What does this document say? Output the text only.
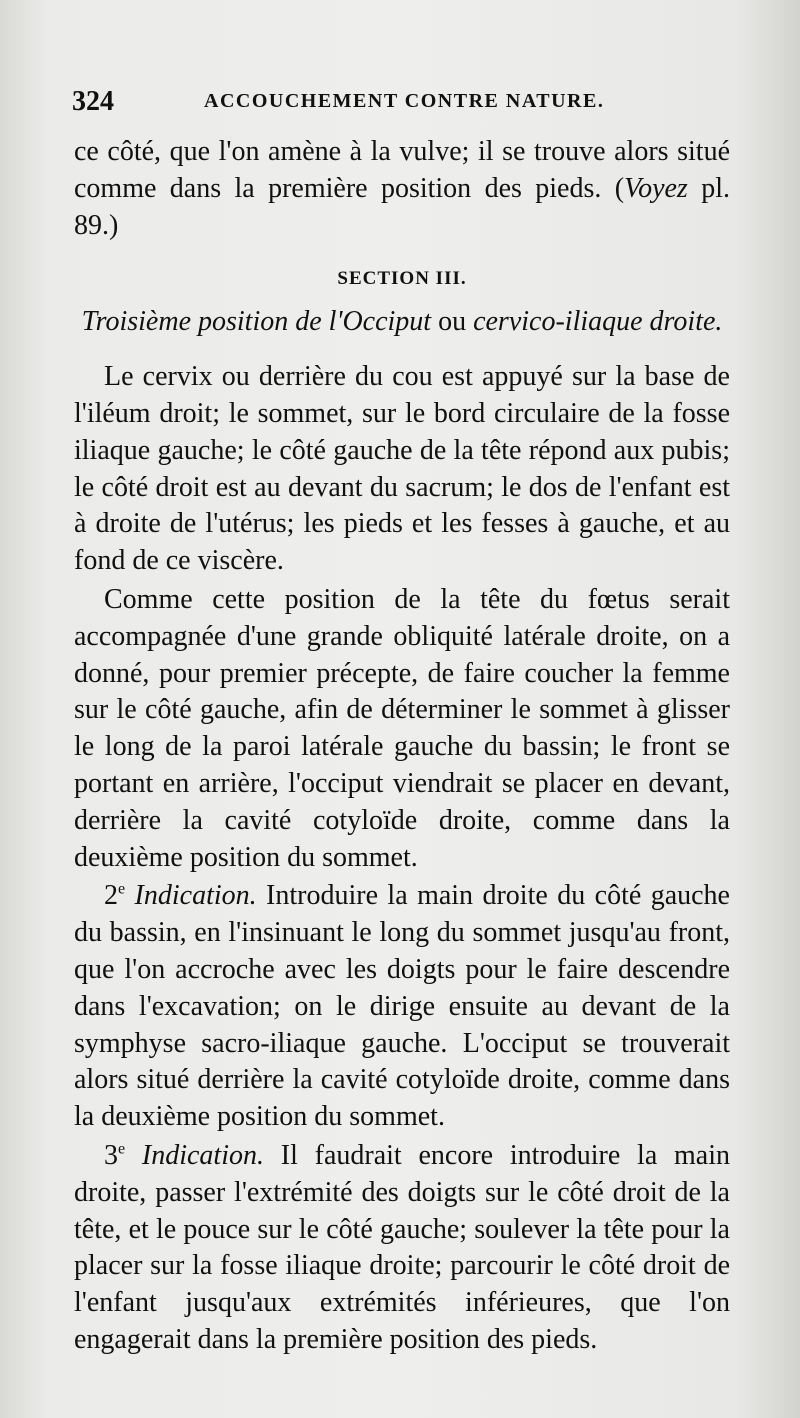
324	ACCOUCHEMENT CONTRE NATURE.

ce côté, que l'on amène à la vulve; il se trouve alors situé comme dans la première position des pieds. (Voyez pl. 89.)

SECTION III.

Troisième position de l'Occiput ou cervico-iliaque droite.

Le cervix ou derrière du cou est appuyé sur la base de l'iléum droit; le sommet, sur le bord circulaire de la fosse iliaque gauche; le côté gauche de la tête répond aux pubis; le côté droit est au devant du sacrum; le dos de l'enfant est à droite de l'utérus; les pieds et les fesses à gauche, et au fond de ce viscère.

Comme cette position de la tête du fœtus serait accompagnée d'une grande obliquité latérale droite, on a donné, pour premier précepte, de faire coucher la femme sur le côté gauche, afin de déterminer le sommet à glisser le long de la paroi latérale gauche du bassin; le front se portant en arrière, l'occiput viendrait se placer en devant, derrière la cavité cotyloïde droite, comme dans la deuxième position du sommet.

2e Indication. Introduire la main droite du côté gauche du bassin, en l'insinuant le long du sommet jusqu'au front, que l'on accroche avec les doigts pour le faire descendre dans l'excavation; on le dirige ensuite au devant de la symphyse sacro-iliaque gauche. L'occiput se trouverait alors situé derrière la cavité cotyloïde droite, comme dans la deuxième position du sommet.

3e Indication. Il faudrait encore introduire la main droite, passer l'extrémité des doigts sur le côté droit de la tête, et le pouce sur le côté gauche; soulever la tête pour la placer sur la fosse iliaque droite; parcourir le côté droit de l'enfant jusqu'aux extrémités inférieures, que l'on engagerait dans la première position des pieds.
